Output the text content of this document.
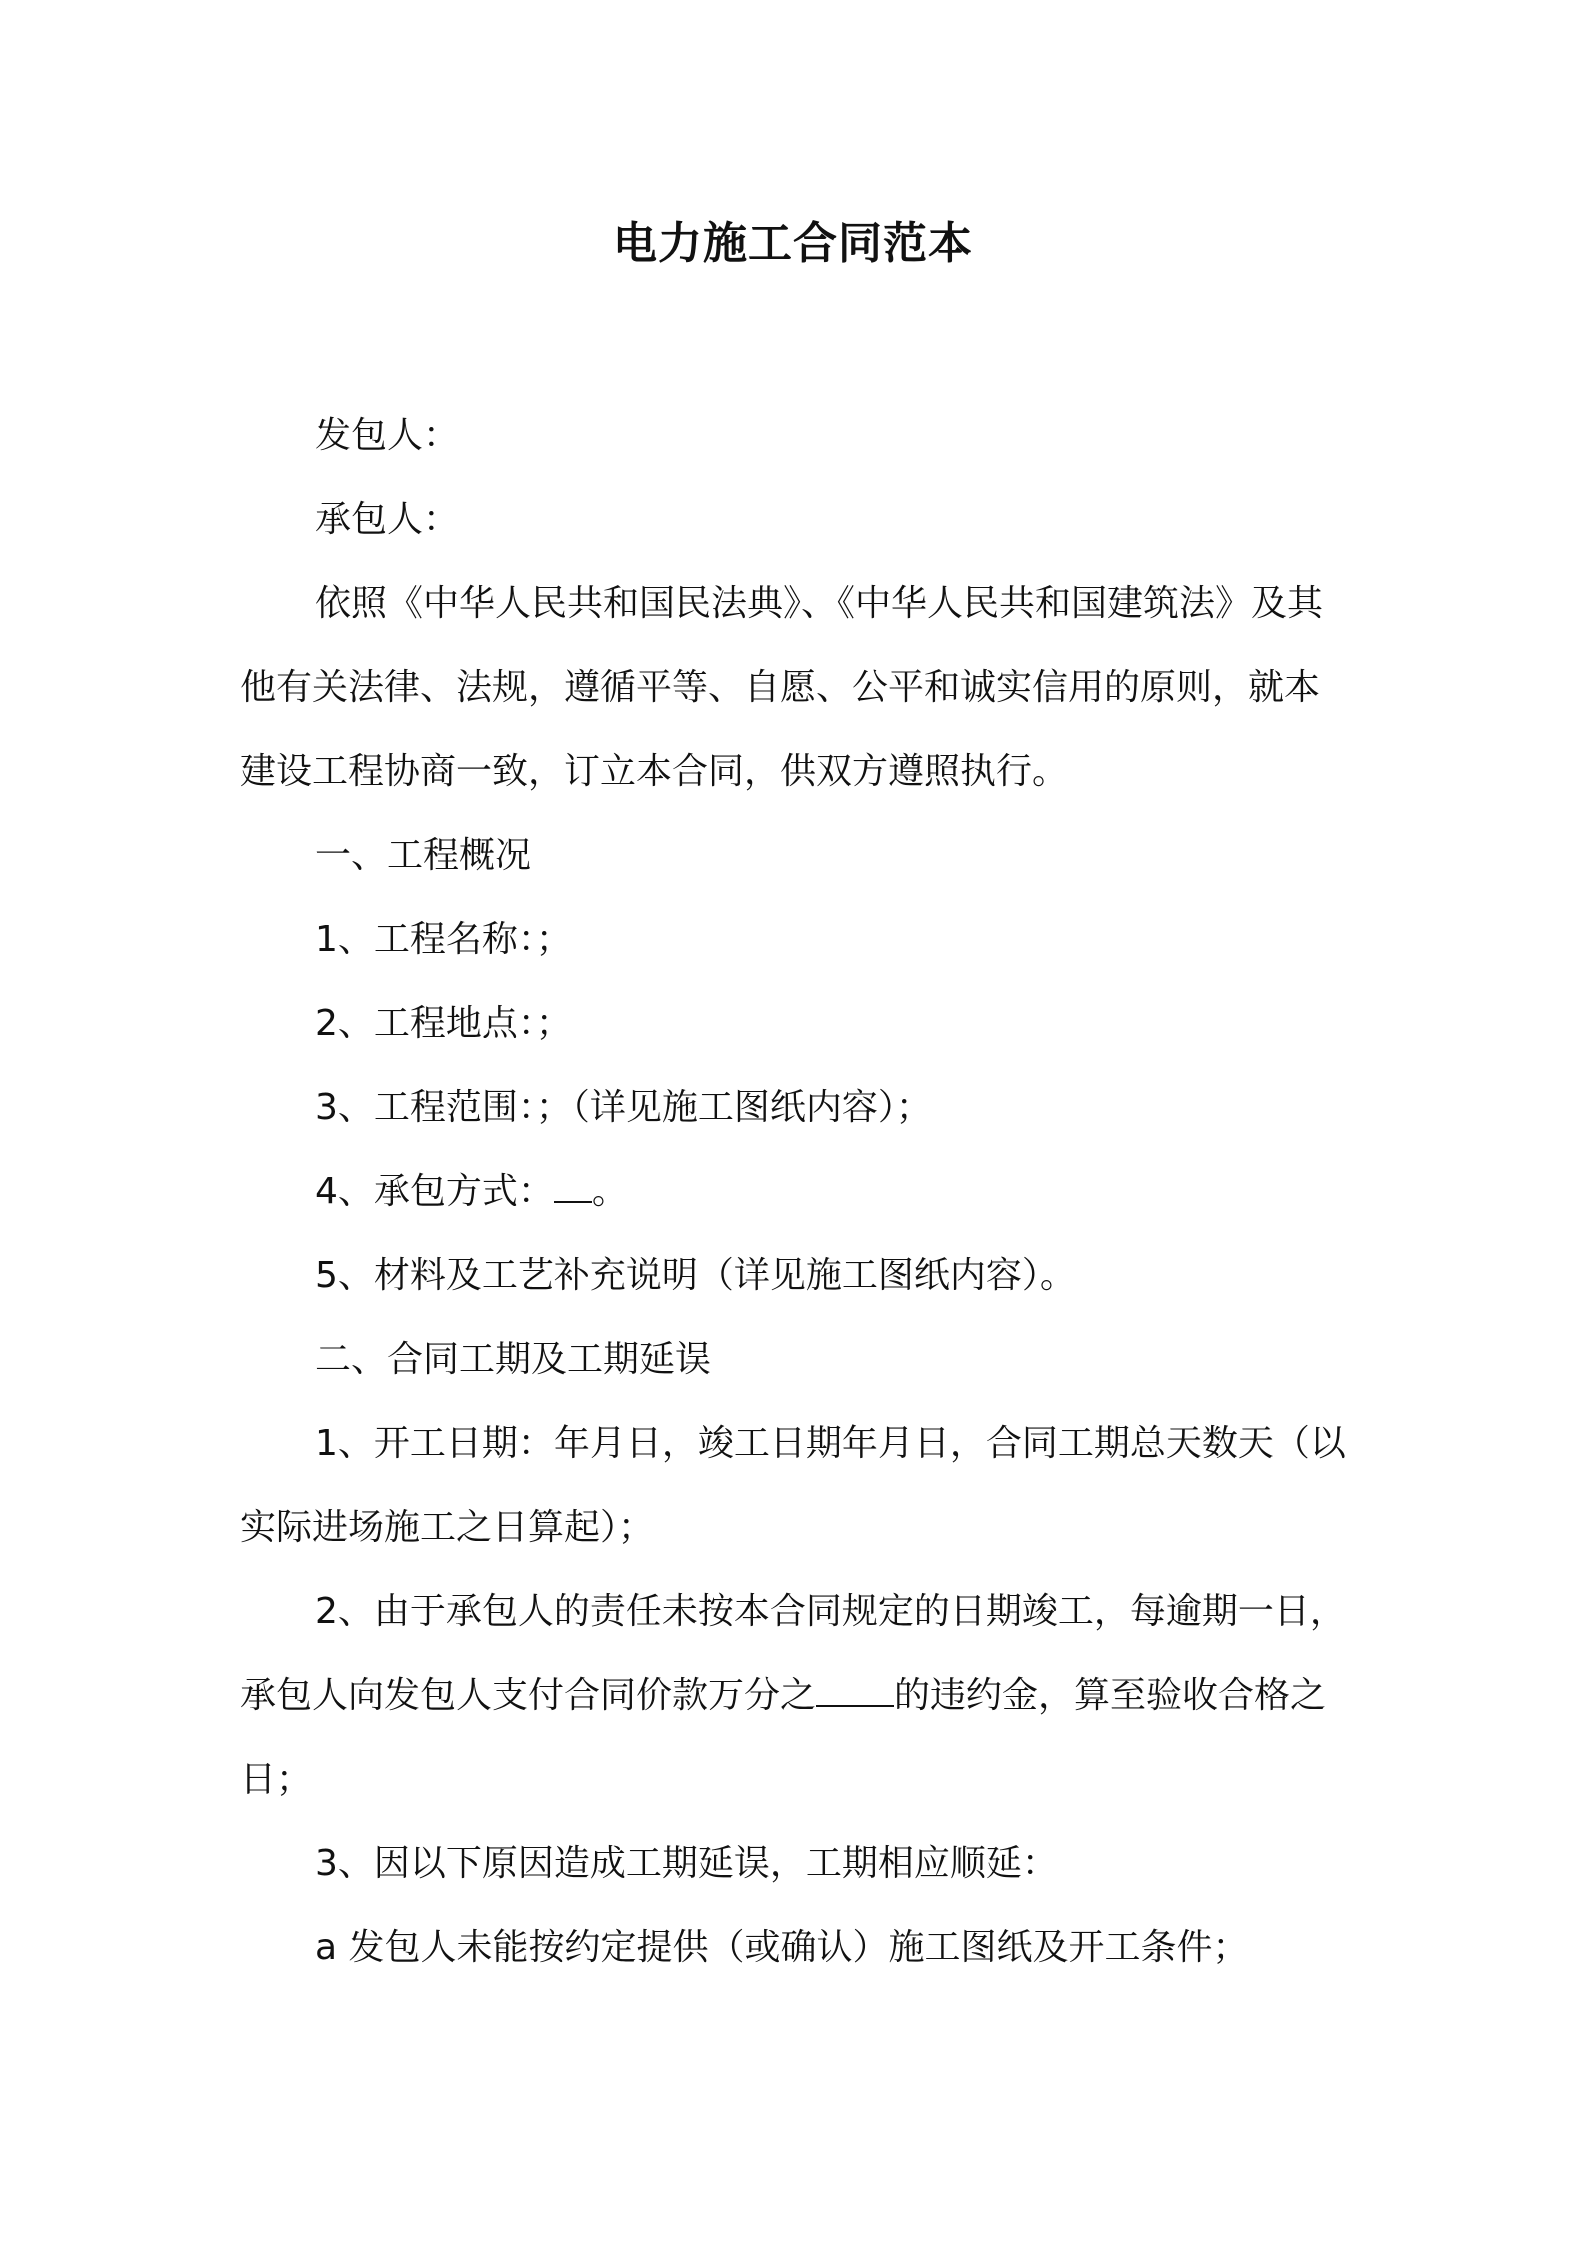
电力施工合同范本

发包人：

承包人：

依照《中华人民共和国民法典》、《中华人民共和国建筑法》及其他有关法律、法规，遵循平等、自愿、公平和诚实信用的原则，就本建设工程协商一致，订立本合同，供双方遵照执行。

一、工程概况

1、工程名称：；

2、工程地点：；

3、工程范围：；（详见施工图纸内容）；

4、承包方式： 。

5、材料及工艺补充说明（详见施工图纸内容）。

二、合同工期及工期延误

1、开工日期：年月日，竣工日期年月日，合同工期总天数天（以实际进场施工之日算起）；

2、由于承包人的责任未按本合同规定的日期竣工，每逾期一日，承包人向发包人支付合同价款万分之 的违约金，算至验收合格之日；

3、因以下原因造成工期延误，工期相应顺延：

a 发包人未能按约定提供（或确认）施工图纸及开工条件；
